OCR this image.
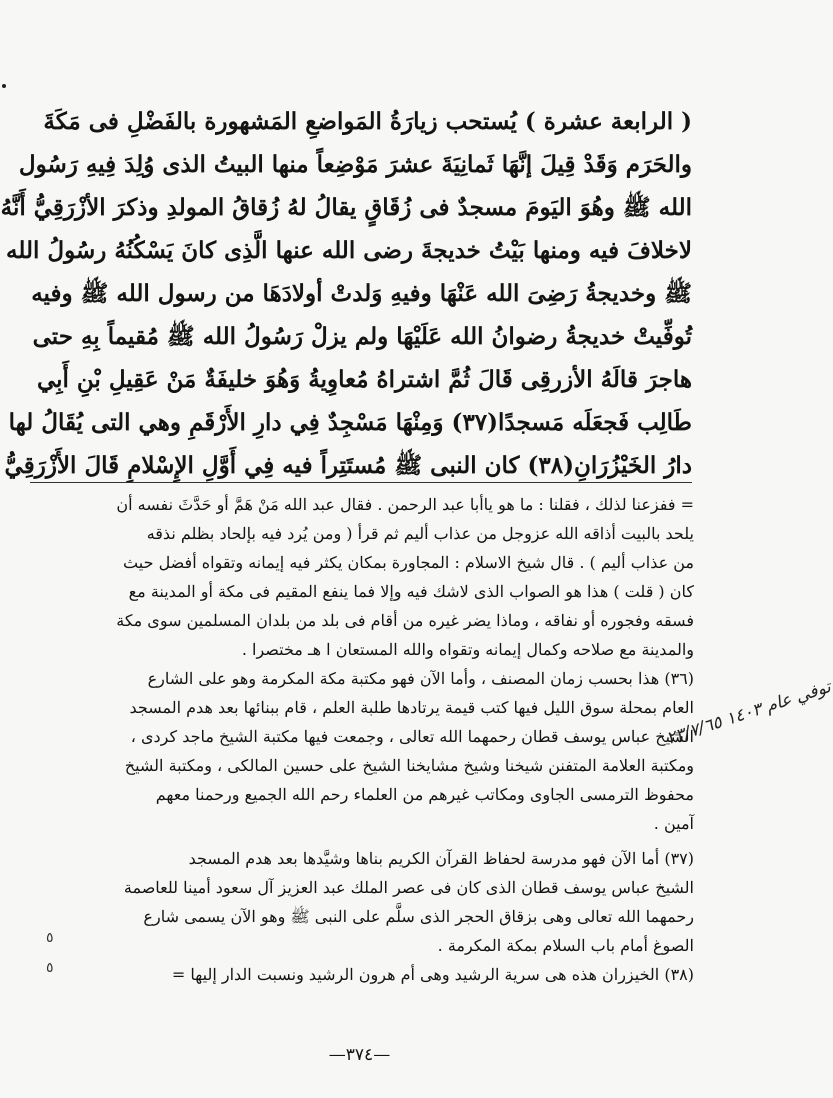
( الرابعة عشرة ) يُستحب زيارَةُ المَواضعِ المَشهورة بالفَضْلِ فى مَكَةَ
والحَرَم وَقَدْ قِيلَ إنَّهَا ثَمانِيَةَ عشرَ مَوْضِعاً منها البيتُ الذى وُلِدَ فِيهِ رَسُول
الله ﷺ وهُوَ اليَومَ مسجدٌ فى زُقَاقٍ يقالُ لهُ زُقاقُ المولدِ وذكرَ الأزْرَقِيُّ أَنَّهُ
لاخلافَ فيه ومنها بَيْتُ خديجةَ رضى الله عنها الَّذِى كانَ يَسْكُنُهُ رسُولُ الله
ﷺ وخديجةُ رَضِىَ الله عَنْهَا وفيهِ وَلدتْ أولادَهَا من رسول الله ﷺ وفيه
تُوفِّيتْ خديجةُ رضوانُ الله عَلَيْهَا ولم يزلْ رَسُولُ الله ﷺ مُقيماً بِهِ حتى
هاجرَ قالَهُ الأزرقِى قَالَ ثُمَّ اشتراهُ مُعاوِيةُ وَهُوَ خليفَةٌ مَنْ عَقِيلِ بْنِ أَبِي
طَالِب فَجعَلَه مَسجدًا(٣٧) وَمِنْهَا مَسْجِدٌ فِي دارِ الأَرْقَمِ وهي التى يُقَالُ لها
دارُ الخَيْزُرَانِ(٣٨) كان النبى ﷺ مُستَتِراً فيه فِي أَوَّلِ الإِسْلامِ قَالَ الأَزْرَقِيُّ
= ففزعنا لذلك ، فقلنا : ما هو ياأبا عبد الرحمن . فقال عبد الله مَنْ هَمَّ أو حَدَّثَ نفسه أن
يلحد بالبيت أذاقه الله عزوجل من عذاب أليم ثم قرأ ( ومن يُرد فيه بإلحاد بظلم نذقه
من عذاب أليم ) . قال شيخ الاسلام : المجاورة بمكان يكثر فيه إيمانه وتقواه أفضل حيث
كان ( قلت ) هذا هو الصواب الذى لاشك فيه وإلا فما ينفع المقيم فى مكة أو المدينة مع
فسقه وفجوره أو نفاقه ، وماذا يضر غيره من أقام فى بلد من بلدان المسلمين سوى مكة
والمدينة مع صلاحه وكمال إيمانه وتقواه والله المستعان ا هـ مختصرا .
(٣٦) هذا بحسب زمان المصنف ، وأما الآن فهو مكتبة مكة المكرمة وهو على الشارع
العام بمحلة سوق الليل فيها كتب قيمة يرتادها طلبة العلم ، قام ببنائها بعد هدم المسجد
الشيخ عباس يوسف قطان رحمهما الله تعالى ، وجمعت فيها مكتبة الشيخ ماجد كردى ،
ومكتبة العلامة المتفنن شيخنا وشيخ مشايخنا الشيخ على حسين المالكى ، ومكتبة الشيخ
محفوظ الترمسى الجاوى ومكاتب غيرهم من العلماء رحم الله الجميع ورحمنا معهم
آمين .
(٣٧) أما الآن فهو مدرسة لحفاظ القرآن الكريم بناها وشيَّدها بعد هدم المسجد
الشيخ عباس يوسف قطان الذى كان فى عصر الملك عبد العزيز آل سعود أمينا للعاصمة
رحمهما الله تعالى وهى بزقاق الحجر الذى سلَّم على النبى ﷺ وهو الآن يسمى شارع
الصوغ أمام باب السلام بمكة المكرمة .
(٣٨) الخيزران هذه هى سرية الرشيد وهى أم هرون الرشيد ونسبت الدار إليها =
توفي عام ١٤٠٣ ٢٣/٧/٦٥
٥
٥
—٣٧٤—
